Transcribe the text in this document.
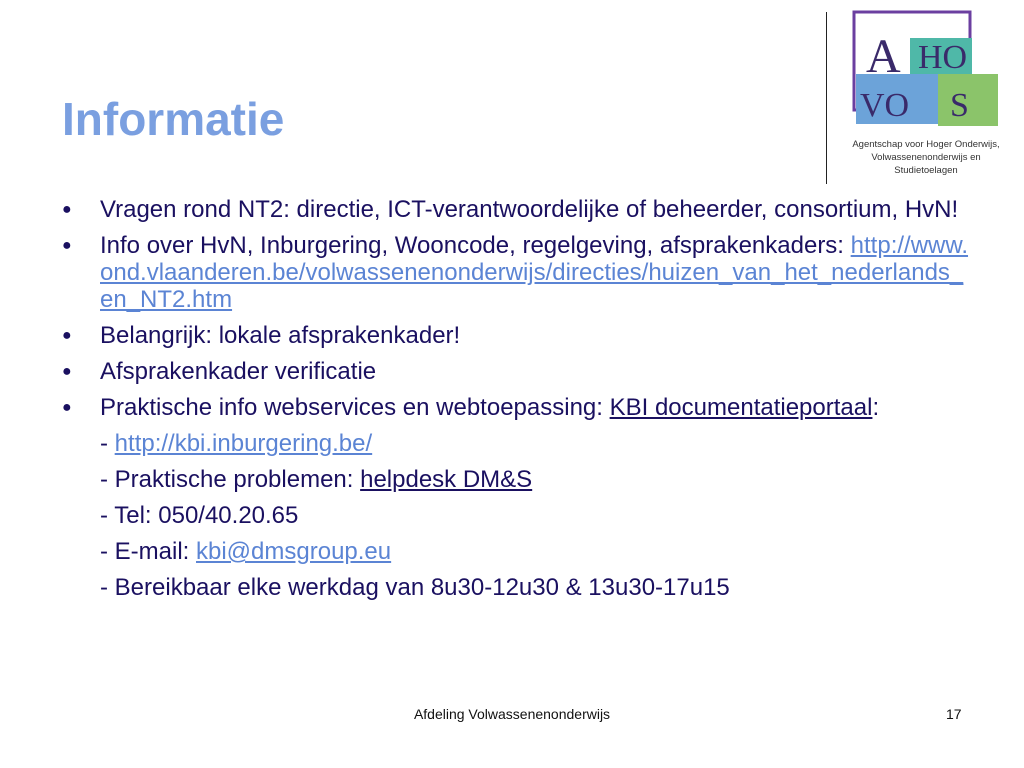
Informatie
A HO
VO S
Agentschap voor Hoger Onderwijs,
Volwassenenonderwijs en Studietoelagen
● Vragen rond NT2: directie, ICT-verantwoordelijke of beheerder, consortium, HvN!
● Info over HvN, Inburgering, Wooncode, regelgeving, afsprakenkaders: http://www.ond.vlaanderen.be/volwassenenonderwijs/directies/huizen_van_het_nederlands_en_NT2.htm
● Belangrijk: lokale afsprakenkader!
● Afsprakenkader verificatie
● Praktische info webservices en webtoepassing: KBI documentatieportaal:
- http://kbi.inburgering.be/
- Praktische problemen: helpdesk DM&S
- Tel: 050/40.20.65
- E-mail: kbi@dmsgroup.eu
- Bereikbaar elke werkdag van 8u30-12u30 & 13u30-17u15
Afdeling Volwassenenonderwijs	17
